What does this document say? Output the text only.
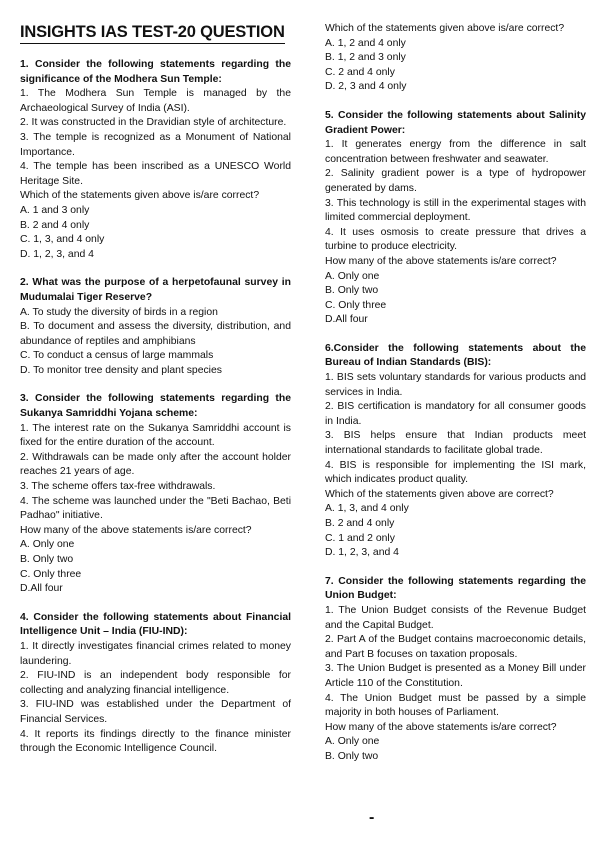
INSIGHTS IAS TEST-20 QUESTION
1. Consider the following statements regarding the significance of the Modhera Sun Temple:
1. The Modhera Sun Temple is managed by the Archaeological Survey of India (ASI).
2. It was constructed in the Dravidian style of architecture.
3. The temple is recognized as a Monument of National Importance.
4. The temple has been inscribed as a UNESCO World Heritage Site.
Which of the statements given above is/are correct?
A. 1 and 3 only
B. 2 and 4 only
C. 1, 3, and 4 only
D. 1, 2, 3, and 4
2. What was the purpose of a herpetofaunal survey in Mudumalai Tiger Reserve?
A. To study the diversity of birds in a region
B. To document and assess the diversity, distribution, and abundance of reptiles and amphibians
C. To conduct a census of large mammals
D. To monitor tree density and plant species
3. Consider the following statements regarding the Sukanya Samriddhi Yojana scheme:
1. The interest rate on the Sukanya Samriddhi account is fixed for the entire duration of the account.
2. Withdrawals can be made only after the account holder reaches 21 years of age.
3. The scheme offers tax-free withdrawals.
4. The scheme was launched under the "Beti Bachao, Beti Padhao" initiative.
How many of the above statements is/are correct?
A. Only one
B. Only two
C. Only three
D.All four
4. Consider the following statements about Financial Intelligence Unit – India (FIU-IND):
1. It directly investigates financial crimes related to money laundering.
2. FIU-IND is an independent body responsible for collecting and analyzing financial intelligence.
3. FIU-IND was established under the Department of Financial Services.
4. It reports its findings directly to the finance minister through the Economic Intelligence Council.
Which of the statements given above is/are correct?
A. 1, 2 and 4 only
B. 1, 2 and 3 only
C. 2 and 4 only
D. 2, 3 and 4 only
5. Consider the following statements about Salinity Gradient Power:
1. It generates energy from the difference in salt concentration between freshwater and seawater.
2. Salinity gradient power is a type of hydropower generated by dams.
3. This technology is still in the experimental stages with limited commercial deployment.
4. It uses osmosis to create pressure that drives a turbine to produce electricity.
How many of the above statements is/are correct?
A. Only one
B. Only two
C. Only three
D.All four
6.Consider the following statements about the Bureau of Indian Standards (BIS):
1. BIS sets voluntary standards for various products and services in India.
2. BIS certification is mandatory for all consumer goods in India.
3. BIS helps ensure that Indian products meet international standards to facilitate global trade.
4. BIS is responsible for implementing the ISI mark, which indicates product quality.
Which of the statements given above are correct?
A. 1, 3, and 4 only
B. 2 and 4 only
C. 1 and 2 only
D. 1, 2, 3, and 4
7. Consider the following statements regarding the Union Budget:
1. The Union Budget consists of the Revenue Budget and the Capital Budget.
2. Part A of the Budget contains macroeconomic details, and Part B focuses on taxation proposals.
3. The Union Budget is presented as a Money Bill under Article 110 of the Constitution.
4. The Union Budget must be passed by a simple majority in both houses of Parliament.
How many of the above statements is/are correct?
A. Only one
B. Only two
-
